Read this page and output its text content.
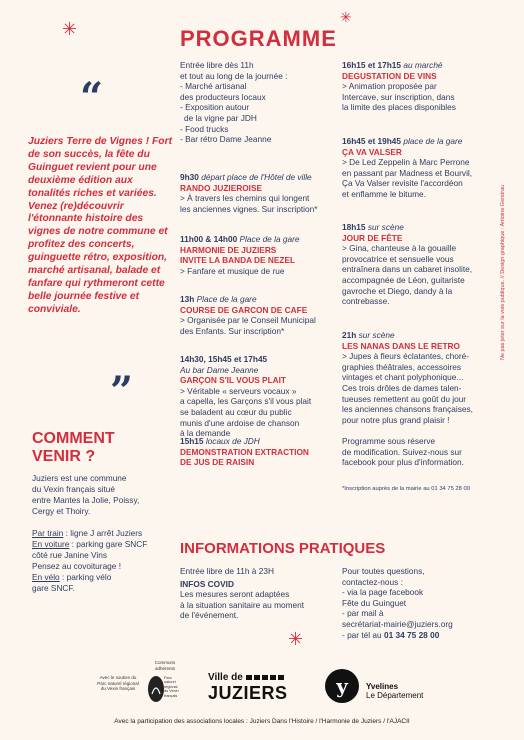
PROGRAMME
✳
✳
✳
“
”
Juziers Terre de Vignes ! Fort de son succès, la fête du Guinguet revient pour une deuxième édition aux tonalités riches et variées. Venez (re)découvrir l'étonnante histoire des vignes de notre commune et profitez des concerts, guinguette rétro, exposition, marché artisanal, balade et fanfare qui rythmeront cette belle journée festive et conviviale.
COMMENT
VENIR ?

Juziers est une commune

du Vexin français situé

entre Mantes la Jolie, Poissy,

Cergy et Thoiry.

Par train : ligne J arrêt Juziers

En voiture : parking gare SNCF

côté rue Janine Vins

Pensez au covoiturage !

En vélo : parking vélo

gare SNCF.

Entrée libre dès 11h

et tout au long de la journée :

- Marché artisanal

des producteurs locaux

- Exposition autour

de la vigne par JDH

- Food trucks

- Bar rétro Dame Jeanne

9h30 départ place de l'Hôtel de ville

RANDO JUZIEROISE

> À travers les chemins qui longent

les anciennes vignes. Sur inscription*

11h00 & 14h00 Place de la gare

HARMONIE DE JUZIERS

INVITE LA BANDA DE NEZEL

> Fanfare et musique de rue

13h Place de la gare

COURSE DE GARCON DE CAFE

> Organisée par le Conseil Municipal

des Enfants. Sur inscription*

14h30, 15h45 et 17h45

Au bar Dame Jeanne

GARÇON S'IL VOUS PLAIT

> Véritable « serveurs vocaux »

a capella, les Garçons s'il vous plait

se baladent au cœur du public

munis d'une ardoise de chanson

à la demande

15h15 locaux de JDH

DEMONSTRATION EXTRACTION

DE JUS DE RAISIN

16h15 et 17h15 au marché

DEGUSTATION DE VINS

> Animation proposée par

Intercave, sur inscription, dans

la limite des places disponibles

16h45 et 19h45 place de la gare

ÇA VA VALSER

> De Led Zeppelin à Marc Perrone

en passant par Madness et Bourvil,

Ça Va Valser revisite l'accordéon

et enflamme le bitume.

18h15 sur scène

JOUR DE FÊTE

> Gina, chanteuse à la gouaille

provocatrice et sensuelle vous

entraînera dans un cabaret insolite,

accompagnée de Léon, guitariste

gavroche et Diego, dandy à la

contrebasse.

21h sur scène

LES NANAS DANS LE RETRO

> Jupes à fleurs éclatantes, choré-

graphies théâtrales, accessoires

vintages et chant polyphonique...

Ces trois drôles de dames talen-

tueuses remettent au goût du jour

les anciennes chansons françaises,

pour notre plus grand plaisir !

Programme sous réserve

de modification. Suivez-nous sur

facebook pour plus d'information.

*Inscription auprès de la mairie au 01 34 75 28 00
Ne pas jeter sur la voie publique. // Design graphique : Antoine Gendrau
INFORMATIONS PRATIQUES

Entrée libre de 11h à 23H

INFOS COVID

Les mesures seront adaptées

à la situation sanitaire au moment

de l'événement.

Pour toutes questions,

contactez-nous :

- via la page facebook

Fête du Guinguet

- par mail à

secrétariat-mairie@juziers.org

- par tél au 01 34 75 28 00

Avec le soutien du
Parc naturel régional
du Vexin français
Communs
adhérents
Parc
naturel
régional
du Vexin français
Ville de
JUZIERS y Yvelines
Le Département
Avec la participation des associations locales : Juziers Dans l'Histoire / l'Harmonie de Juziers / l'AJACII
